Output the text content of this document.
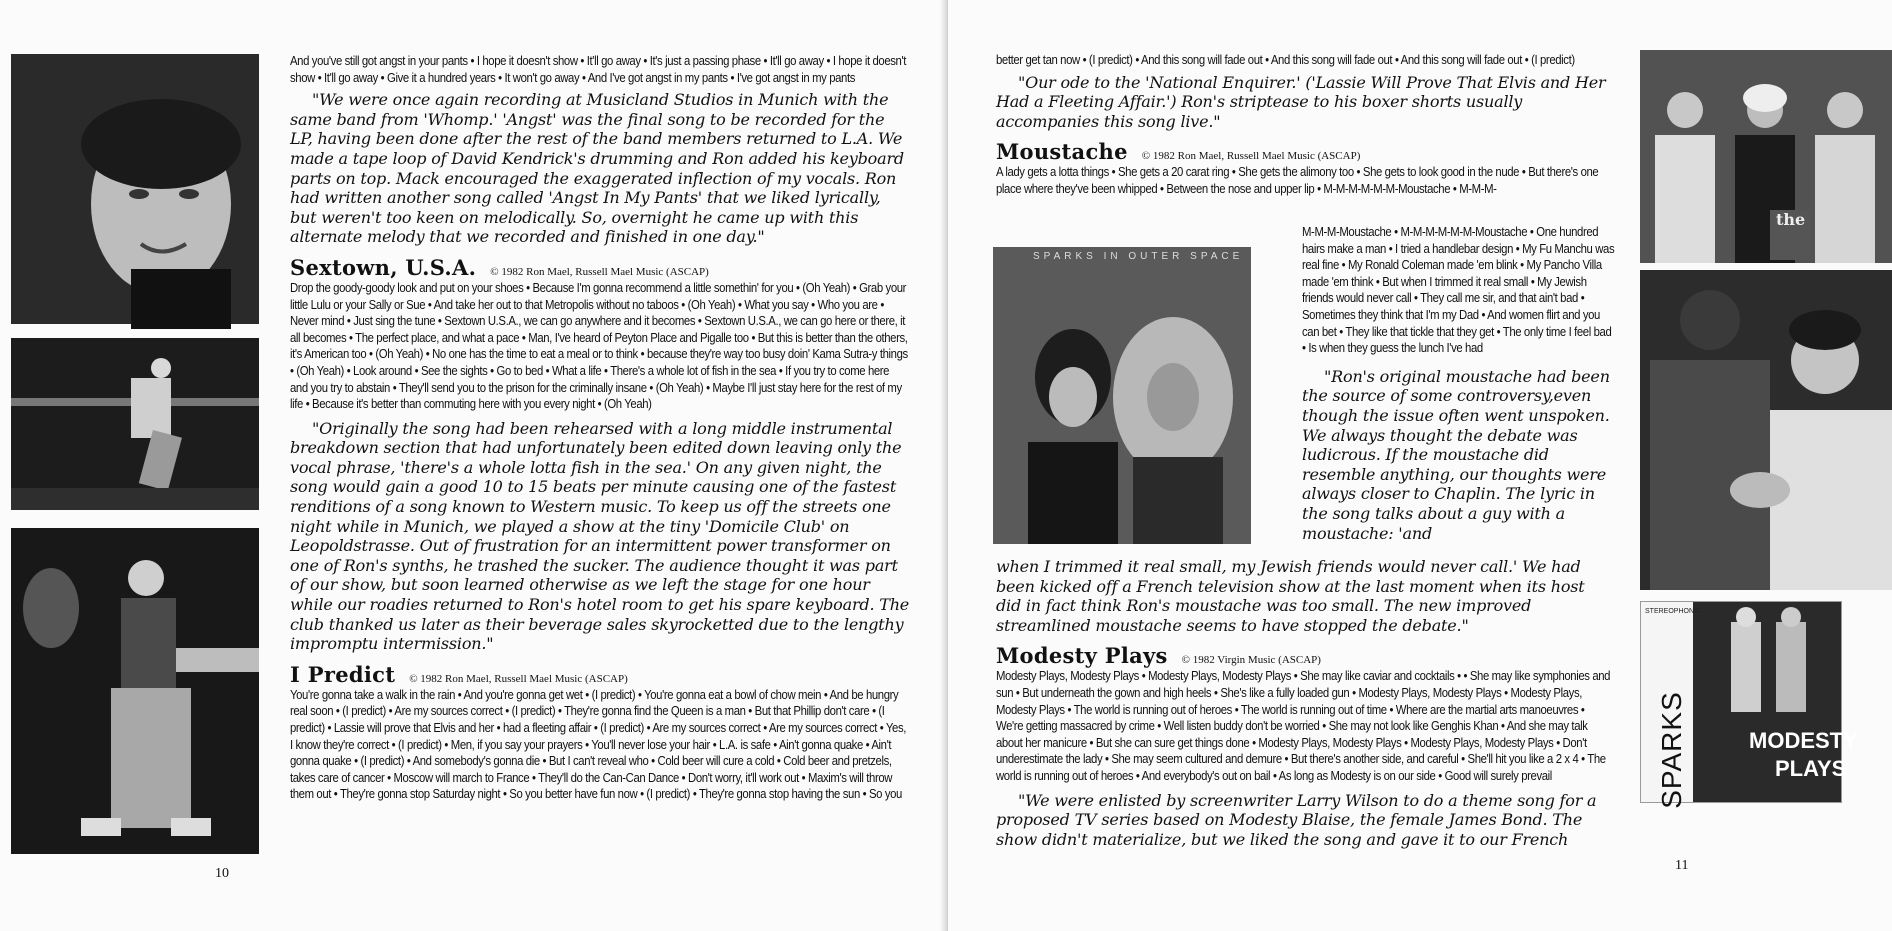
And you've still got angst in your pants • I hope it doesn't show • It'll go away • It's just a passing phase • It'll go away • I hope it doesn't show • It'll go away • Give it a hundred years • It won't go away • And I've got angst in my pants • I've got angst in my pants

"We were once again recording at Musicland Studios in Munich with the same band from 'Whomp.' 'Angst' was the final song to be recorded for the LP, having been done after the rest of the band members returned to L.A. We made a tape loop of David Kendrick's drumming and Ron added his keyboard parts on top. Mack encouraged the exaggerated inflection of my vocals. Ron had written another song called 'Angst In My Pants' that we liked lyrically, but weren't too keen on melodically. So, overnight he came up with this alternate melody that we recorded and finished in one day."

Sextown, U.S.A. © 1982 Ron Mael, Russell Mael Music (ASCAP)

Drop the goody-goody look and put on your shoes • Because I'm gonna recommend a little somethin' for you • (Oh Yeah) • Grab your little Lulu or your Sally or Sue • And take her out to that Metropolis without no taboos • (Oh Yeah) • What you say • Who you are • Never mind • Just sing the tune • Sextown U.S.A., we can go anywhere and it becomes • Sextown U.S.A., we can go here or there, it all becomes • The perfect place, and what a pace • Man, I've heard of Peyton Place and Pigalle too • But this is better than the others, it's American too • (Oh Yeah) • No one has the time to eat a meal or to think • because they're way too busy doin' Kama Sutra-y things • (Oh Yeah) • Look around • See the sights • Go to bed • What a life • There's a whole lot of fish in the sea • If you try to come here and you try to abstain • They'll send you to the prison for the criminally insane • (Oh Yeah) • Maybe I'll just stay here for the rest of my life • Because it's better than commuting here with you every night • (Oh Yeah)

"Originally the song had been rehearsed with a long middle instrumental breakdown section that had unfortunately been edited down leaving only the vocal phrase, 'there's a whole lotta fish in the sea.' On any given night, the song would gain a good 10 to 15 beats per minute causing one of the fastest renditions of a song known to Western music. To keep us off the streets one night while in Munich, we played a show at the tiny 'Domicile Club' on Leopoldstrasse. Out of frustration for an intermittent power transformer on one of Ron's synths, he trashed the sucker. The audience thought it was part of our show, but soon learned otherwise as we left the stage for one hour while our roadies returned to Ron's hotel room to get his spare keyboard. The club thanked us later as their beverage sales skyrocketted due to the lengthy impromptu intermission."

I Predict © 1982 Ron Mael, Russell Mael Music (ASCAP)

You're gonna take a walk in the rain • And you're gonna get wet • (I predict) • You're gonna eat a bowl of chow mein • And be hungry real soon • (I predict) • Are my sources correct • (I predict) • They're gonna find the Queen is a man • But that Phillip don't care • (I predict) • Lassie will prove that Elvis and her • had a fleeting affair • (I predict) • Are my sources correct • Are my sources correct • Yes, I know they're correct • (I predict) • Men, if you say your prayers • You'll never lose your hair • L.A. is safe • Ain't gonna quake • Ain't gonna quake • (I predict) • And somebody's gonna die • But I can't reveal who • Cold beer will cure a cold • Cold beer and pretzels, takes care of cancer • Moscow will march to France • They'll do the Can-Can Dance • Don't worry, it'll work out • Maxim's will throw them out • They're gonna stop Saturday night • So you better have fun now • (I predict) • They're gonna stop having the sun • So you

10

better get tan now • (I predict) • And this song will fade out • And this song will fade out • And this song will fade out • (I predict)

"Our ode to the 'National Enquirer.' ('Lassie Will Prove That Elvis and Her Had a Fleeting Affair.') Ron's striptease to his boxer shorts usually accompanies this song live."

Moustache © 1982 Ron Mael, Russell Mael Music (ASCAP)

A lady gets a lotta things • She gets a 20 carat ring • She gets the alimony too • She gets to look good in the nude • But there's one place where they've been whipped • Between the nose and upper lip • M-M-M-M-M-M-Moustache • M-M-M-

SPARKS IN OUTER SPACE

M-M-M-Moustache • M-M-M-M-M-M-Moustache • One hundred hairs make a man • I tried a handlebar design • My Fu Manchu was real fine • My Ronald Coleman made 'em blink • My Pancho Villa made 'em think • But when I trimmed it real small • My Jewish friends would never call • They call me sir, and that ain't bad • Sometimes they think that I'm my Dad • And women flirt and you can bet • They like that tickle that they get • The only time I feel bad • Is when they guess the lunch I've had

"Ron's original moustache had been the source of some controversy,even though the issue often went unspoken. We always thought the debate was ludicrous. If the moustache did resemble anything, our thoughts were always closer to Chaplin. The lyric in the song talks about a guy with a moustache: 'and

when I trimmed it real small, my Jewish friends would never call.' We had been kicked off a French television show at the last moment when its host did in fact think Ron's moustache was too small. The new improved streamlined moustache seems to have stopped the debate."

Modesty Plays © 1982 Virgin Music (ASCAP)

Modesty Plays, Modesty Plays • Modesty Plays, Modesty Plays • She may like caviar and cocktails • • She may like symphonies and sun • But underneath the gown and high heels • She's like a fully loaded gun • Modesty Plays, Modesty Plays • Modesty Plays, Modesty Plays • The world is running out of heroes • The world is running out of time • Where are the martial arts manoeuvres • We're getting massacred by crime • Well listen buddy don't be worried • She may not look like Genghis Khan • And she may talk about her manicure • But she can sure get things done • Modesty Plays, Modesty Plays • Modesty Plays, Modesty Plays • Don't underestimate the lady • She may seem cultured and demure • But there's another side, and careful • She'll hit you like a 2 x 4 • The world is running out of heroes • And everybody's out on bail • As long as Modesty is on our side • Good will surely prevail

"We were enlisted by screenwriter Larry Wilson to do a theme song for a proposed TV series based on Modesty Blaise, the female James Bond. The show didn't materialize, but we liked the song and gave it to our French

the
STEREOPHONIC
SPARKS	MODESTY
PLAYS
11
